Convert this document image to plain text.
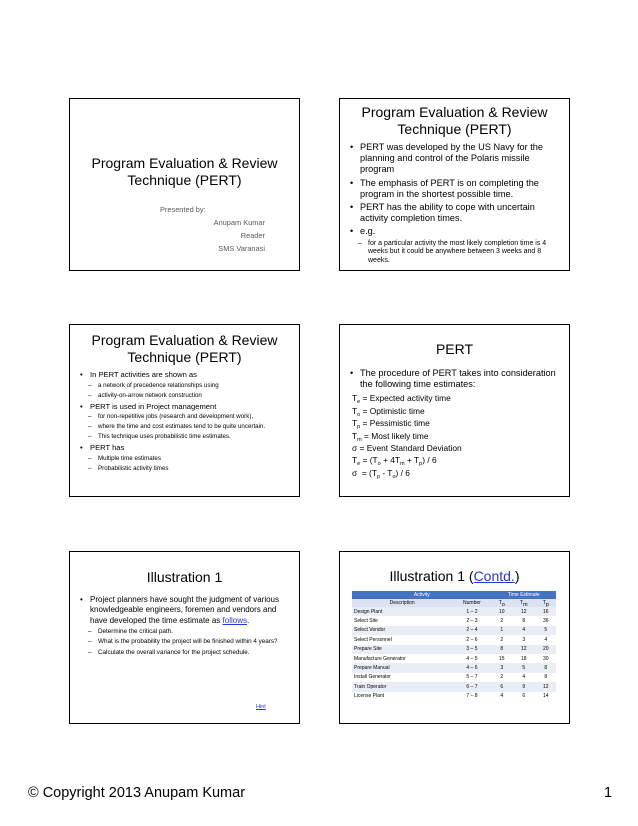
Program Evaluation & Review
Technique (PERT)
Presented by:
Anupam Kumar
Reader
SMS Varanasi
Program Evaluation & Review
Technique (PERT)
• PERT was developed by the US Navy for the planning and control of the Polaris missile program
• The emphasis of PERT is on completing the program in the shortest possible time.
• PERT has the ability to cope with uncertain activity completion times.
• e.g.
– for a particular activity the most likely completion time is 4 weeks but it could be anywhere between 3 weeks and 8 weeks.
Program Evaluation & Review
Technique (PERT)
• In PERT activities are shown as
– a network of precedence relationships using
– activity-on-arrow network construction
• PERT is used in Project management
– for non-repetitive jobs (research and development work),
– where the time and cost estimates tend to be quite uncertain.
– This technique uses probabilistic time estimates.
• PERT has
– Multiple time estimates
– Probabilistic activity times
PERT
• The procedure of PERT takes into consideration the following time estimates:
$T_e$ = Expected activity time
$T_o$ = Optimistic time
$T_p$ = Pessimistic time
$T_m$ = Most likely time
σ = Event Standard Deviation
$T_e = (T_o + 4T_m + T_p) / 6$
$\sigma = (T_p - T_o) / 6$
Illustration 1
• Project planners have sought the judgment of various knowledgeable engineers, foremen and vendors and have developed the time estimate as follows.
– Determine the critical path.
– What is the probability the project will be finished within 4 years?
– Calculate the overall variance for the project schedule.
Hint
Illustration 1 (Contd.)
Activity		Time Estimate		
Description	Number	$T_o$	$T_m$	$T_p$
Design Plant	1 – 2	10	12	16
Select Site	2 – 3	2	8	36
Select Vendor	2 – 4	1	4	5
Select Personnel	2 – 6	2	3	4
Prepare Site	3 – 5	8	12	20
Manufacture Generator	4 – 5	15	18	30
Prepare Manual	4 – 6	3	5	8
Install Generator	5 – 7	2	4	8
Train Operator	6 – 7	6	9	12
License Plant	7 – 8	4	6	14
© Copyright 2013 Anupam Kumar	1
